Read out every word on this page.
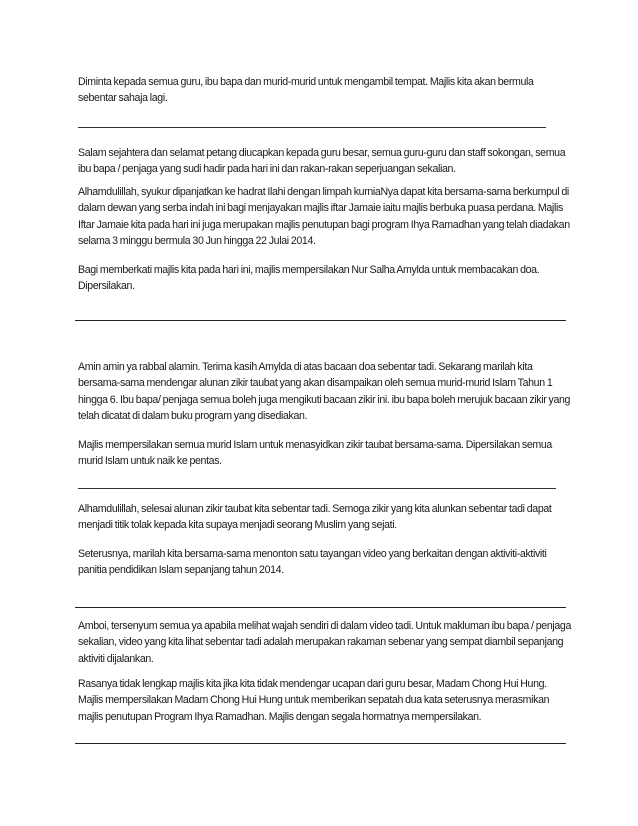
Diminta kepada semua guru, ibu bapa dan murid-murid untuk mengambil tempat. Majlis kita akan bermula sebentar sahaja lagi.

Salam sejahtera dan selamat petang diucapkan kepada guru besar, semua guru-guru dan staff sokongan, semua ibu bapa / penjaga yang sudi hadir pada hari ini dan rakan-rakan seperjuangan sekalian.

Alhamdulillah, syukur dipanjatkan ke hadrat Ilahi dengan limpah kurniaNya dapat kita bersama-sama berkumpul di dalam dewan yang serba indah ini bagi menjayakan majlis iftar Jamaie iaitu majlis berbuka puasa perdana. Majlis Iftar Jamaie kita pada hari ini juga merupakan majlis penutupan bagi program Ihya Ramadhan yang telah diadakan selama 3 minggu bermula 30 Jun hingga 22 Julai 2014.

Bagi memberkati majlis kita pada hari ini, majlis mempersilakan Nur Salha Amylda untuk membacakan doa. Dipersilakan.

Amin amin ya rabbal alamin. Terima kasih Amylda di atas bacaan doa sebentar tadi. Sekarang marilah kita bersama-sama mendengar alunan zikir taubat yang akan disampaikan oleh semua murid-murid Islam Tahun 1 hingga 6. Ibu bapa/ penjaga semua boleh juga mengikuti bacaan zikir ini. ibu bapa boleh merujuk bacaan zikir yang telah dicatat di dalam buku program yang disediakan.

Majlis mempersilakan semua murid Islam untuk menasyidkan zikir taubat bersama-sama. Dipersilakan semua murid Islam untuk naik ke pentas.

Alhamdulillah, selesai alunan zikir taubat kita sebentar tadi. Semoga zikir yang kita alunkan sebentar tadi dapat menjadi titik tolak kepada kita supaya menjadi seorang Muslim yang sejati.

Seterusnya, marilah kita bersama-sama menonton satu tayangan video yang berkaitan dengan aktiviti-aktiviti panitia pendidikan Islam sepanjang tahun 2014.

Amboi, tersenyum semua ya apabila melihat wajah sendiri di dalam video tadi. Untuk makluman ibu bapa / penjaga sekalian, video yang kita lihat sebentar tadi adalah merupakan rakaman sebenar yang sempat diambil sepanjang aktiviti dijalankan.

Rasanya tidak lengkap majlis kita jika kita tidak mendengar ucapan dari guru besar, Madam Chong Hui Hung. Majlis mempersilakan Madam Chong Hui Hung untuk memberikan sepatah dua kata seterusnya merasmikan majlis penutupan Program Ihya Ramadhan. Majlis dengan segala hormatnya mempersilakan.
